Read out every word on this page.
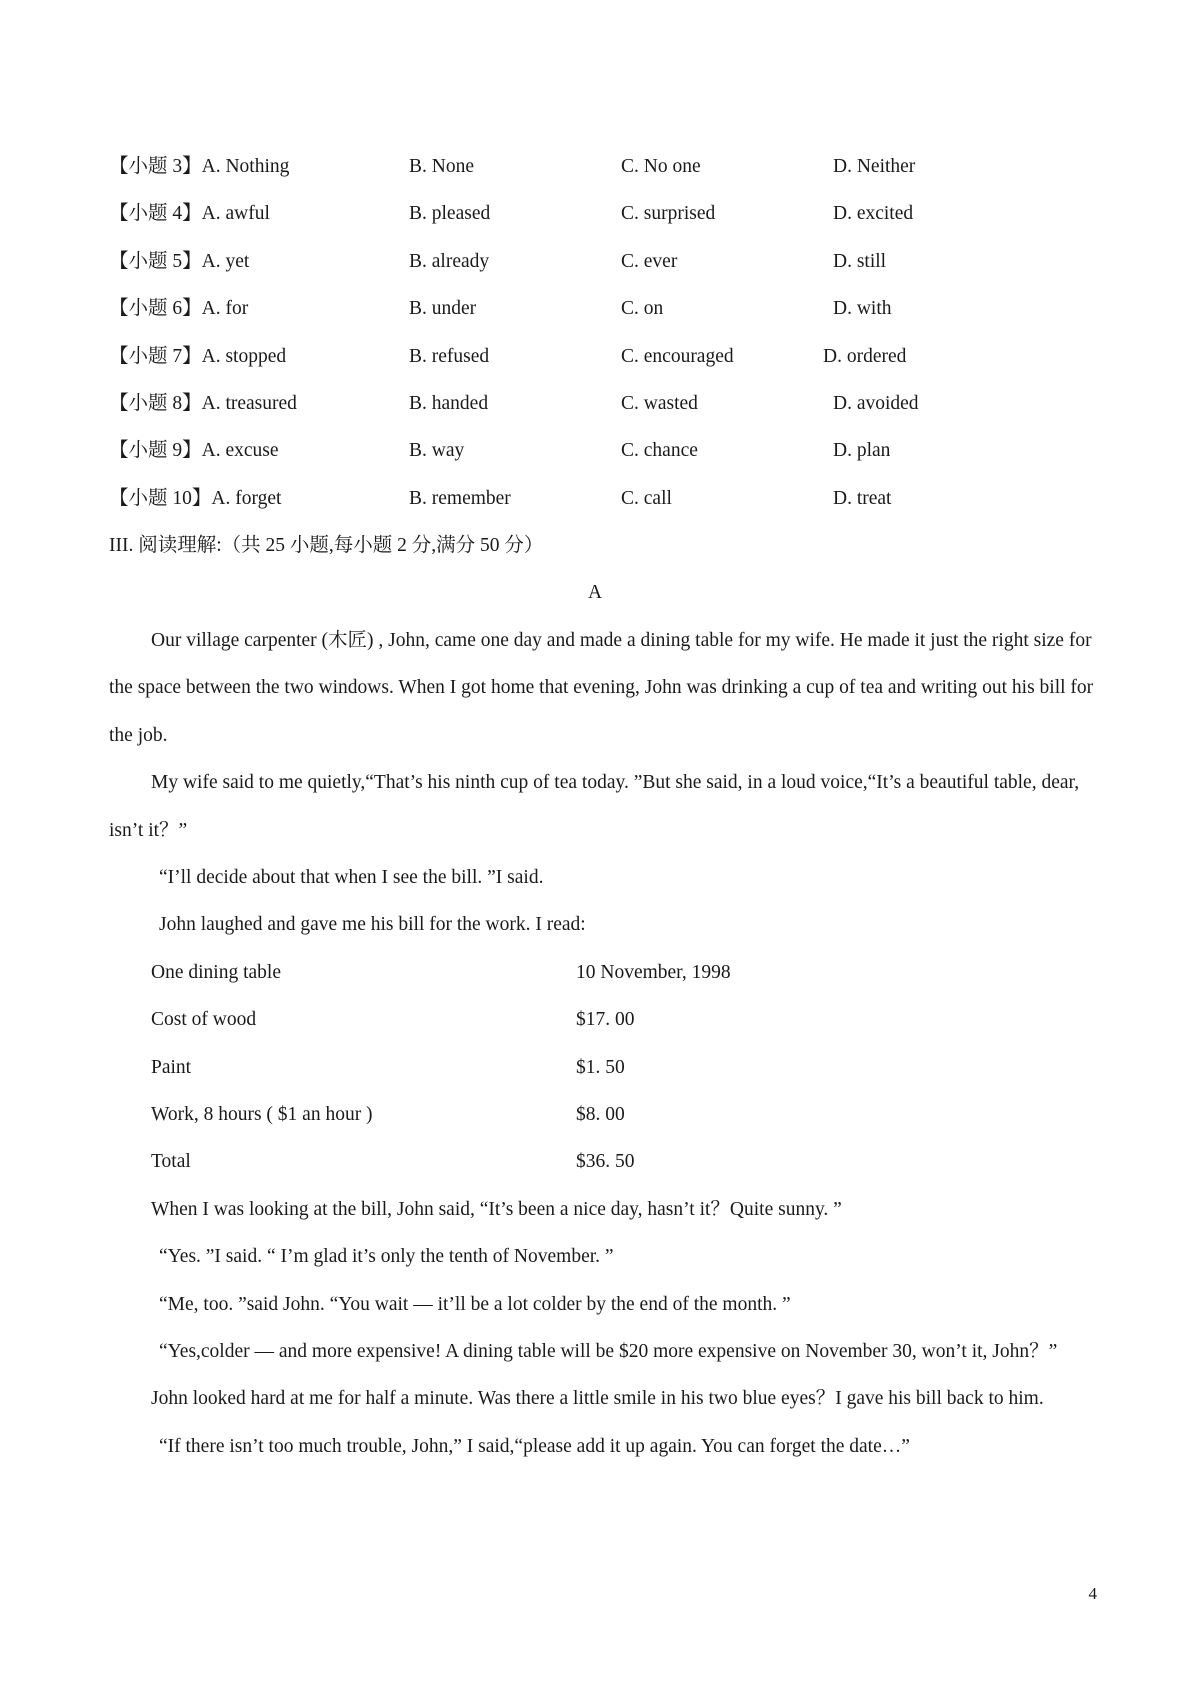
【小题 3】A. Nothing	B. None	C. No one	D. Neither
【小题 4】A. awful	B. pleased	C. surprised	D. excited
【小题 5】A. yet	B. already	C. ever	D. still
【小题 6】A. for	B. under	C. on	D. with
【小题 7】A. stopped	B. refused	C. encouraged	D. ordered
【小题 8】A. treasured	B. handed	C. wasted	D. avoided
【小题 9】A. excuse	B. way	C. chance	D. plan
【小题 10】A. forget	B. remember	C. call	D. treat
III. 阅读理解:（共 25 小题,每小题 2 分,满分 50 分）
A

Our village carpenter (木匠) , John, came one day and made a dining table for my wife. He made it just the right size for the space between the two windows. When I got home that evening, John was drinking a cup of tea and writing out his bill for the job.

My wife said to me quietly,“That’s his ninth cup of tea today. ”But she said, in a loud voice,“It’s a beautiful table, dear, isn’t it？”

“I’ll decide about that when I see the bill. ”I said.

John laughed and gave me his bill for the work. I read:

One dining table	10 November, 1998
Cost of wood	$17. 00
Paint	$1. 50
Work, 8 hours ( $1 an hour )	$8. 00
Total	$36. 50

When I was looking at the bill, John said, “It’s been a nice day, hasn’t it？Quite sunny. ”

“Yes. ”I said. “ I’m glad it’s only the tenth of November. ”

“Me, too. ”said John. “You wait — it’ll be a lot colder by the end of the month. ”

“Yes,colder — and more expensive! A dining table will be $20 more expensive on November 30, won’t it, John？”

John looked hard at me for half a minute. Was there a little smile in his two blue eyes？I gave his bill back to him.

“If there isn’t too much trouble, John,” I said,“please add it up again. You can forget the date…”

4
